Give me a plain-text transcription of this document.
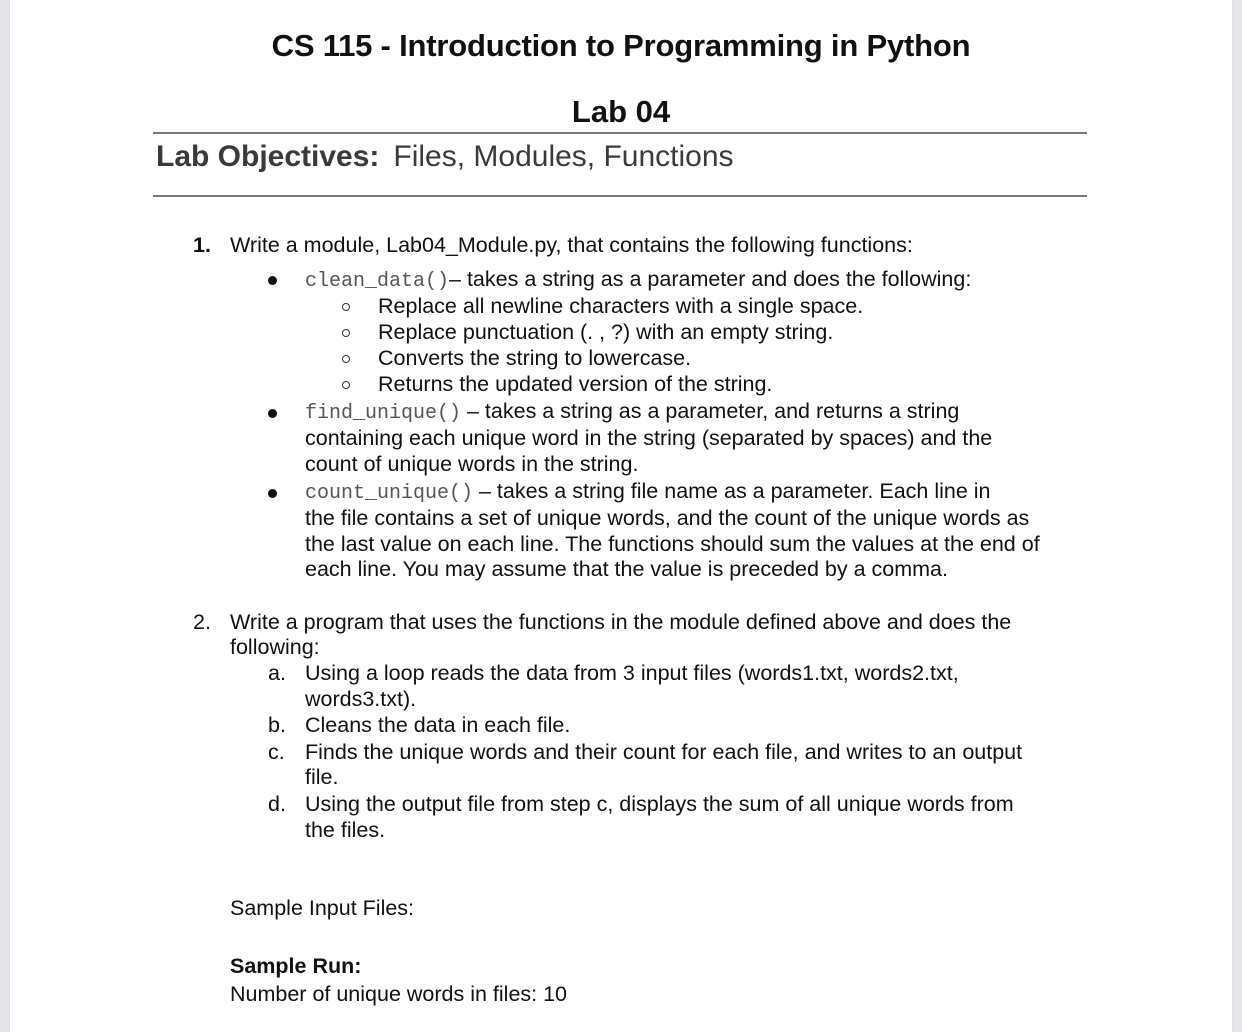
CS 115 - Introduction to Programming in Python
Lab 04
Lab Objectives: Files, Modules, Functions
1. Write a module, Lab04_Module.py, that contains the following functions:
clean_data()– takes a string as a parameter and does the following:
Replace all newline characters with a single space.
Replace punctuation (. , ?) with an empty string.
Converts the string to lowercase.
Returns the updated version of the string.
find_unique() – takes a string as a parameter, and returns a string
containing each unique word in the string (separated by spaces) and the
count of unique words in the string.
count_unique() – takes a string file name as a parameter. Each line in
the file contains a set of unique words, and the count of the unique words as
the last value on each line. The functions should sum the values at the end of
each line. You may assume that the value is preceded by a comma.
2. Write a program that uses the functions in the module defined above and does the
following:
a. Using a loop reads the data from 3 input files (words1.txt, words2.txt,
words3.txt).
b. Cleans the data in each file.
c. Finds the unique words and their count for each file, and writes to an output
file.
d. Using the output file from step c, displays the sum of all unique words from
the files.
Sample Input Files:
Sample Run:
Number of unique words in files: 10
